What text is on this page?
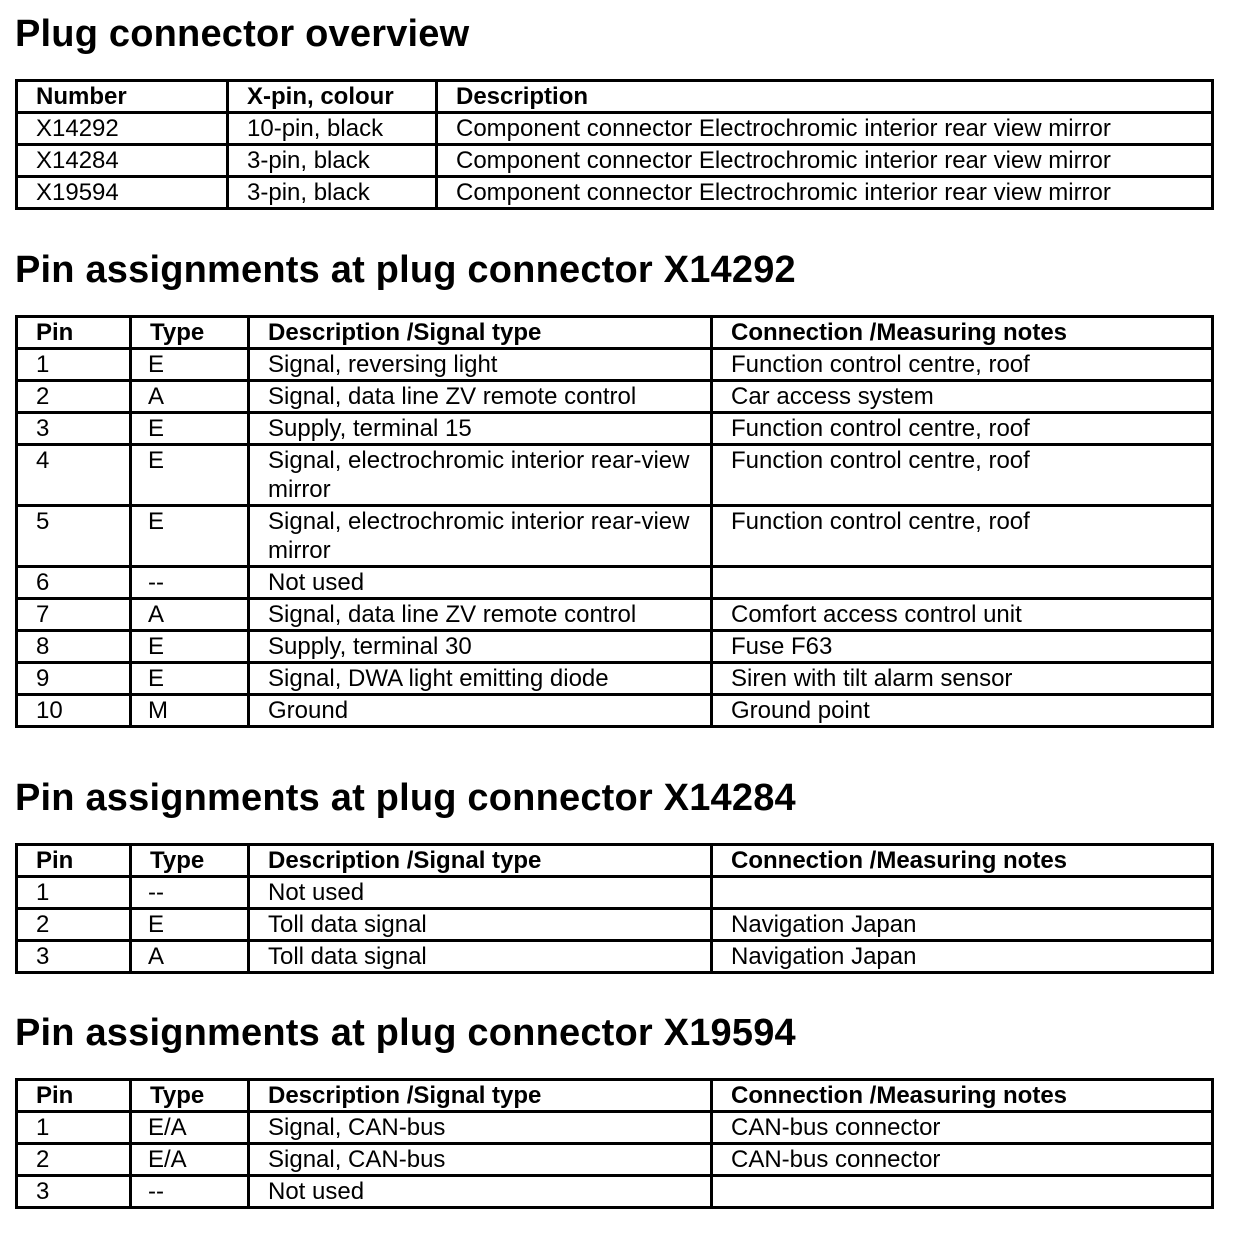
Plug connector overview
Number	X-pin, colour	Description
X14292	10-pin, black	Component connector Electrochromic interior rear view mirror
X14284	3-pin, black	Component connector Electrochromic interior rear view mirror
X19594	3-pin, black	Component connector Electrochromic interior rear view mirror
Pin assignments at plug connector X14292
Pin	Type	Description /Signal type	Connection /Measuring notes
1	E	Signal, reversing light	Function control centre, roof
2	A	Signal, data line ZV remote control	Car access system
3	E	Supply, terminal 15	Function control centre, roof
4	E	Signal, electrochromic interior rear-view mirror	Function control centre, roof
5	E	Signal, electrochromic interior rear-view mirror	Function control centre, roof
6	--	Not used	
7	A	Signal, data line ZV remote control	Comfort access control unit
8	E	Supply, terminal 30	Fuse F63
9	E	Signal, DWA light emitting diode	Siren with tilt alarm sensor
10	M	Ground	Ground point
Pin assignments at plug connector X14284
Pin	Type	Description /Signal type	Connection /Measuring notes
1	--	Not used	
2	E	Toll data signal	Navigation Japan
3	A	Toll data signal	Navigation Japan
Pin assignments at plug connector X19594
Pin	Type	Description /Signal type	Connection /Measuring notes
1	E/A	Signal, CAN-bus	CAN-bus connector
2	E/A	Signal, CAN-bus	CAN-bus connector
3	--	Not used	
